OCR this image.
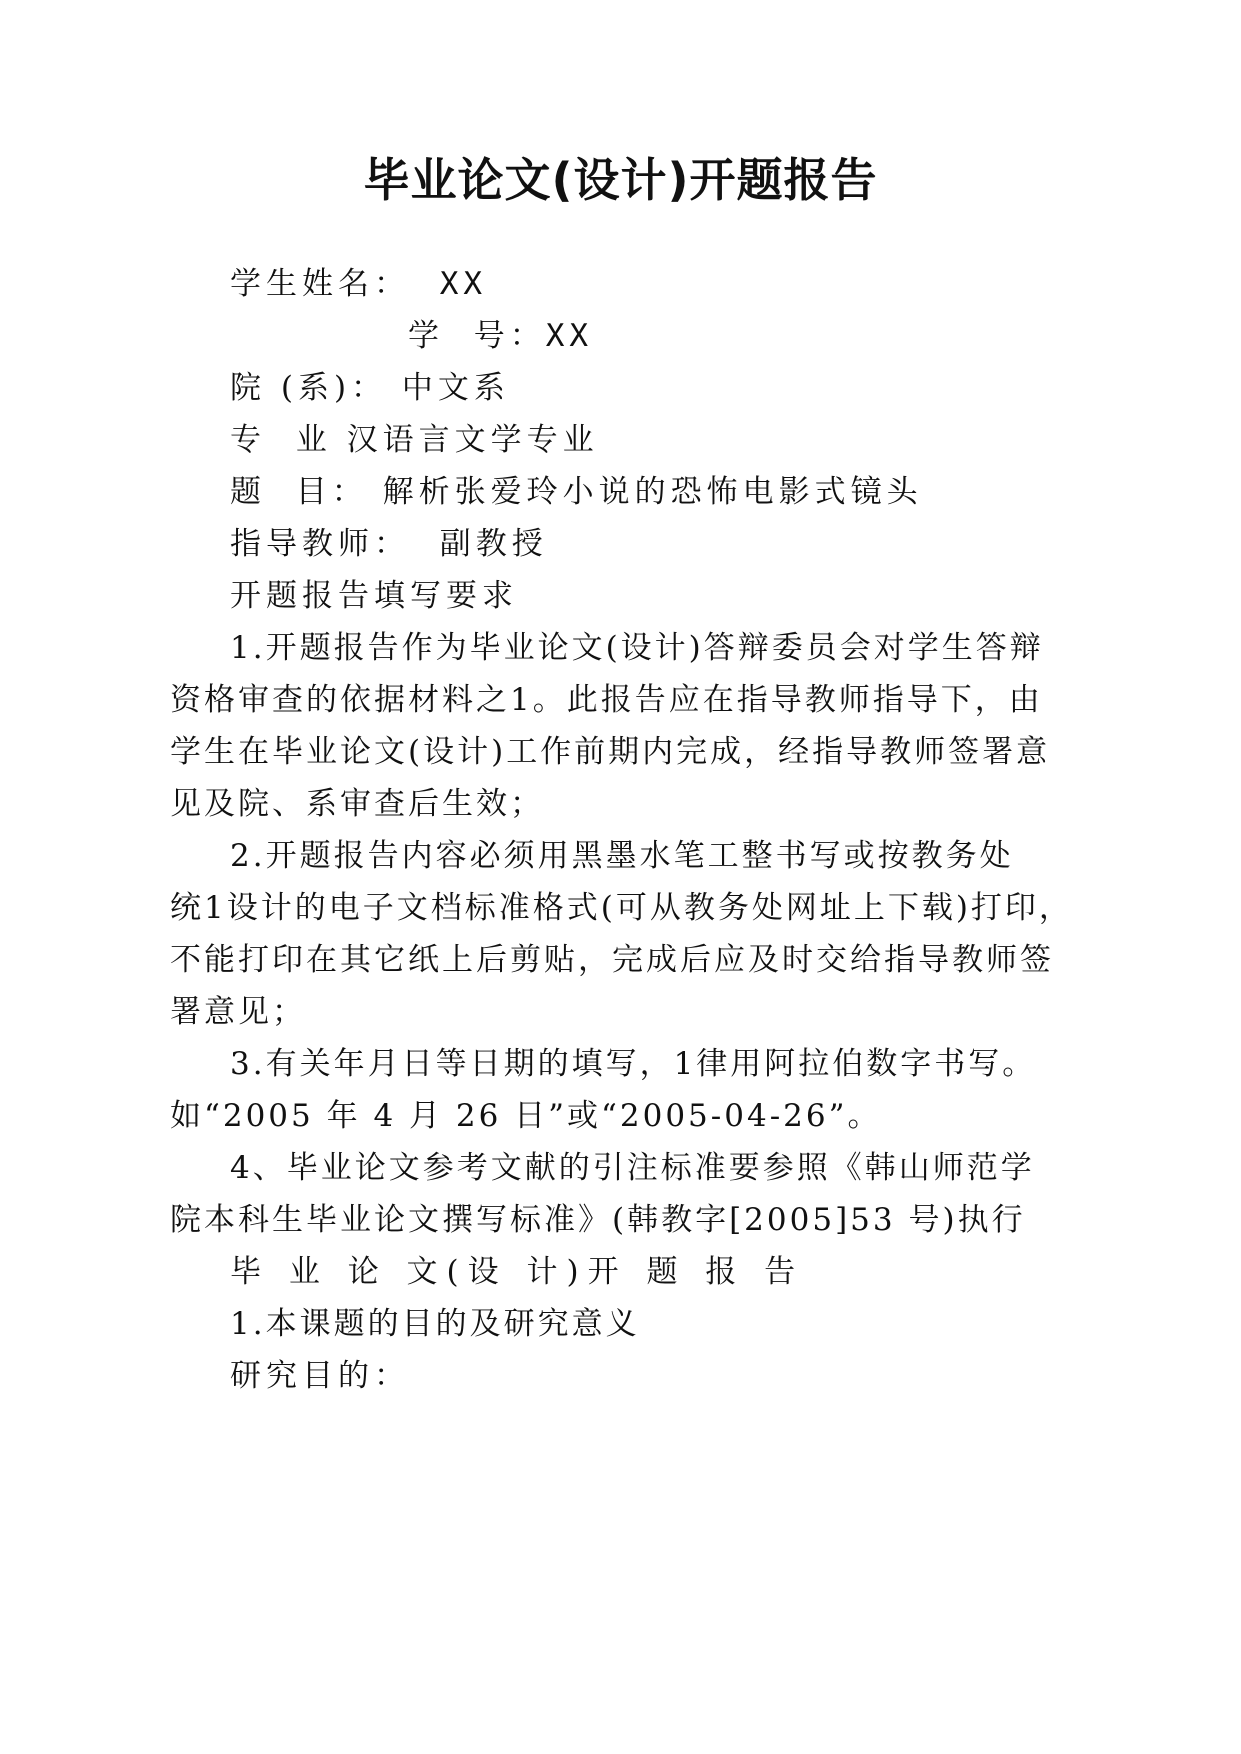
毕业论文(设计)开题报告
学生姓名： XX
学  号：XX
院 (系)： 中文系
专  业 汉语言文学专业
题  目： 解析张爱玲小说的恐怖电影式镜头
指导教师： 副教授
开题报告填写要求
1.开题报告作为毕业论文(设计)答辩委员会对学生答辩
资格审查的依据材料之1。此报告应在指导教师指导下，由
学生在毕业论文(设计)工作前期内完成，经指导教师签署意
见及院、系审查后生效；
2.开题报告内容必须用黑墨水笔工整书写或按教务处
统1设计的电子文档标准格式(可从教务处网址上下载)打印，
不能打印在其它纸上后剪贴，完成后应及时交给指导教师签
署意见；
3.有关年月日等日期的填写，1律用阿拉伯数字书写。
如“2005 年 4 月 26 日”或“2005-04-26”。
4、毕业论文参考文献的引注标准要参照《韩山师范学
院本科生毕业论文撰写标准》(韩教字[2005]53 号)执行
毕 业 论 文(设 计)开 题 报 告
1.本课题的目的及研究意义
研究目的：
